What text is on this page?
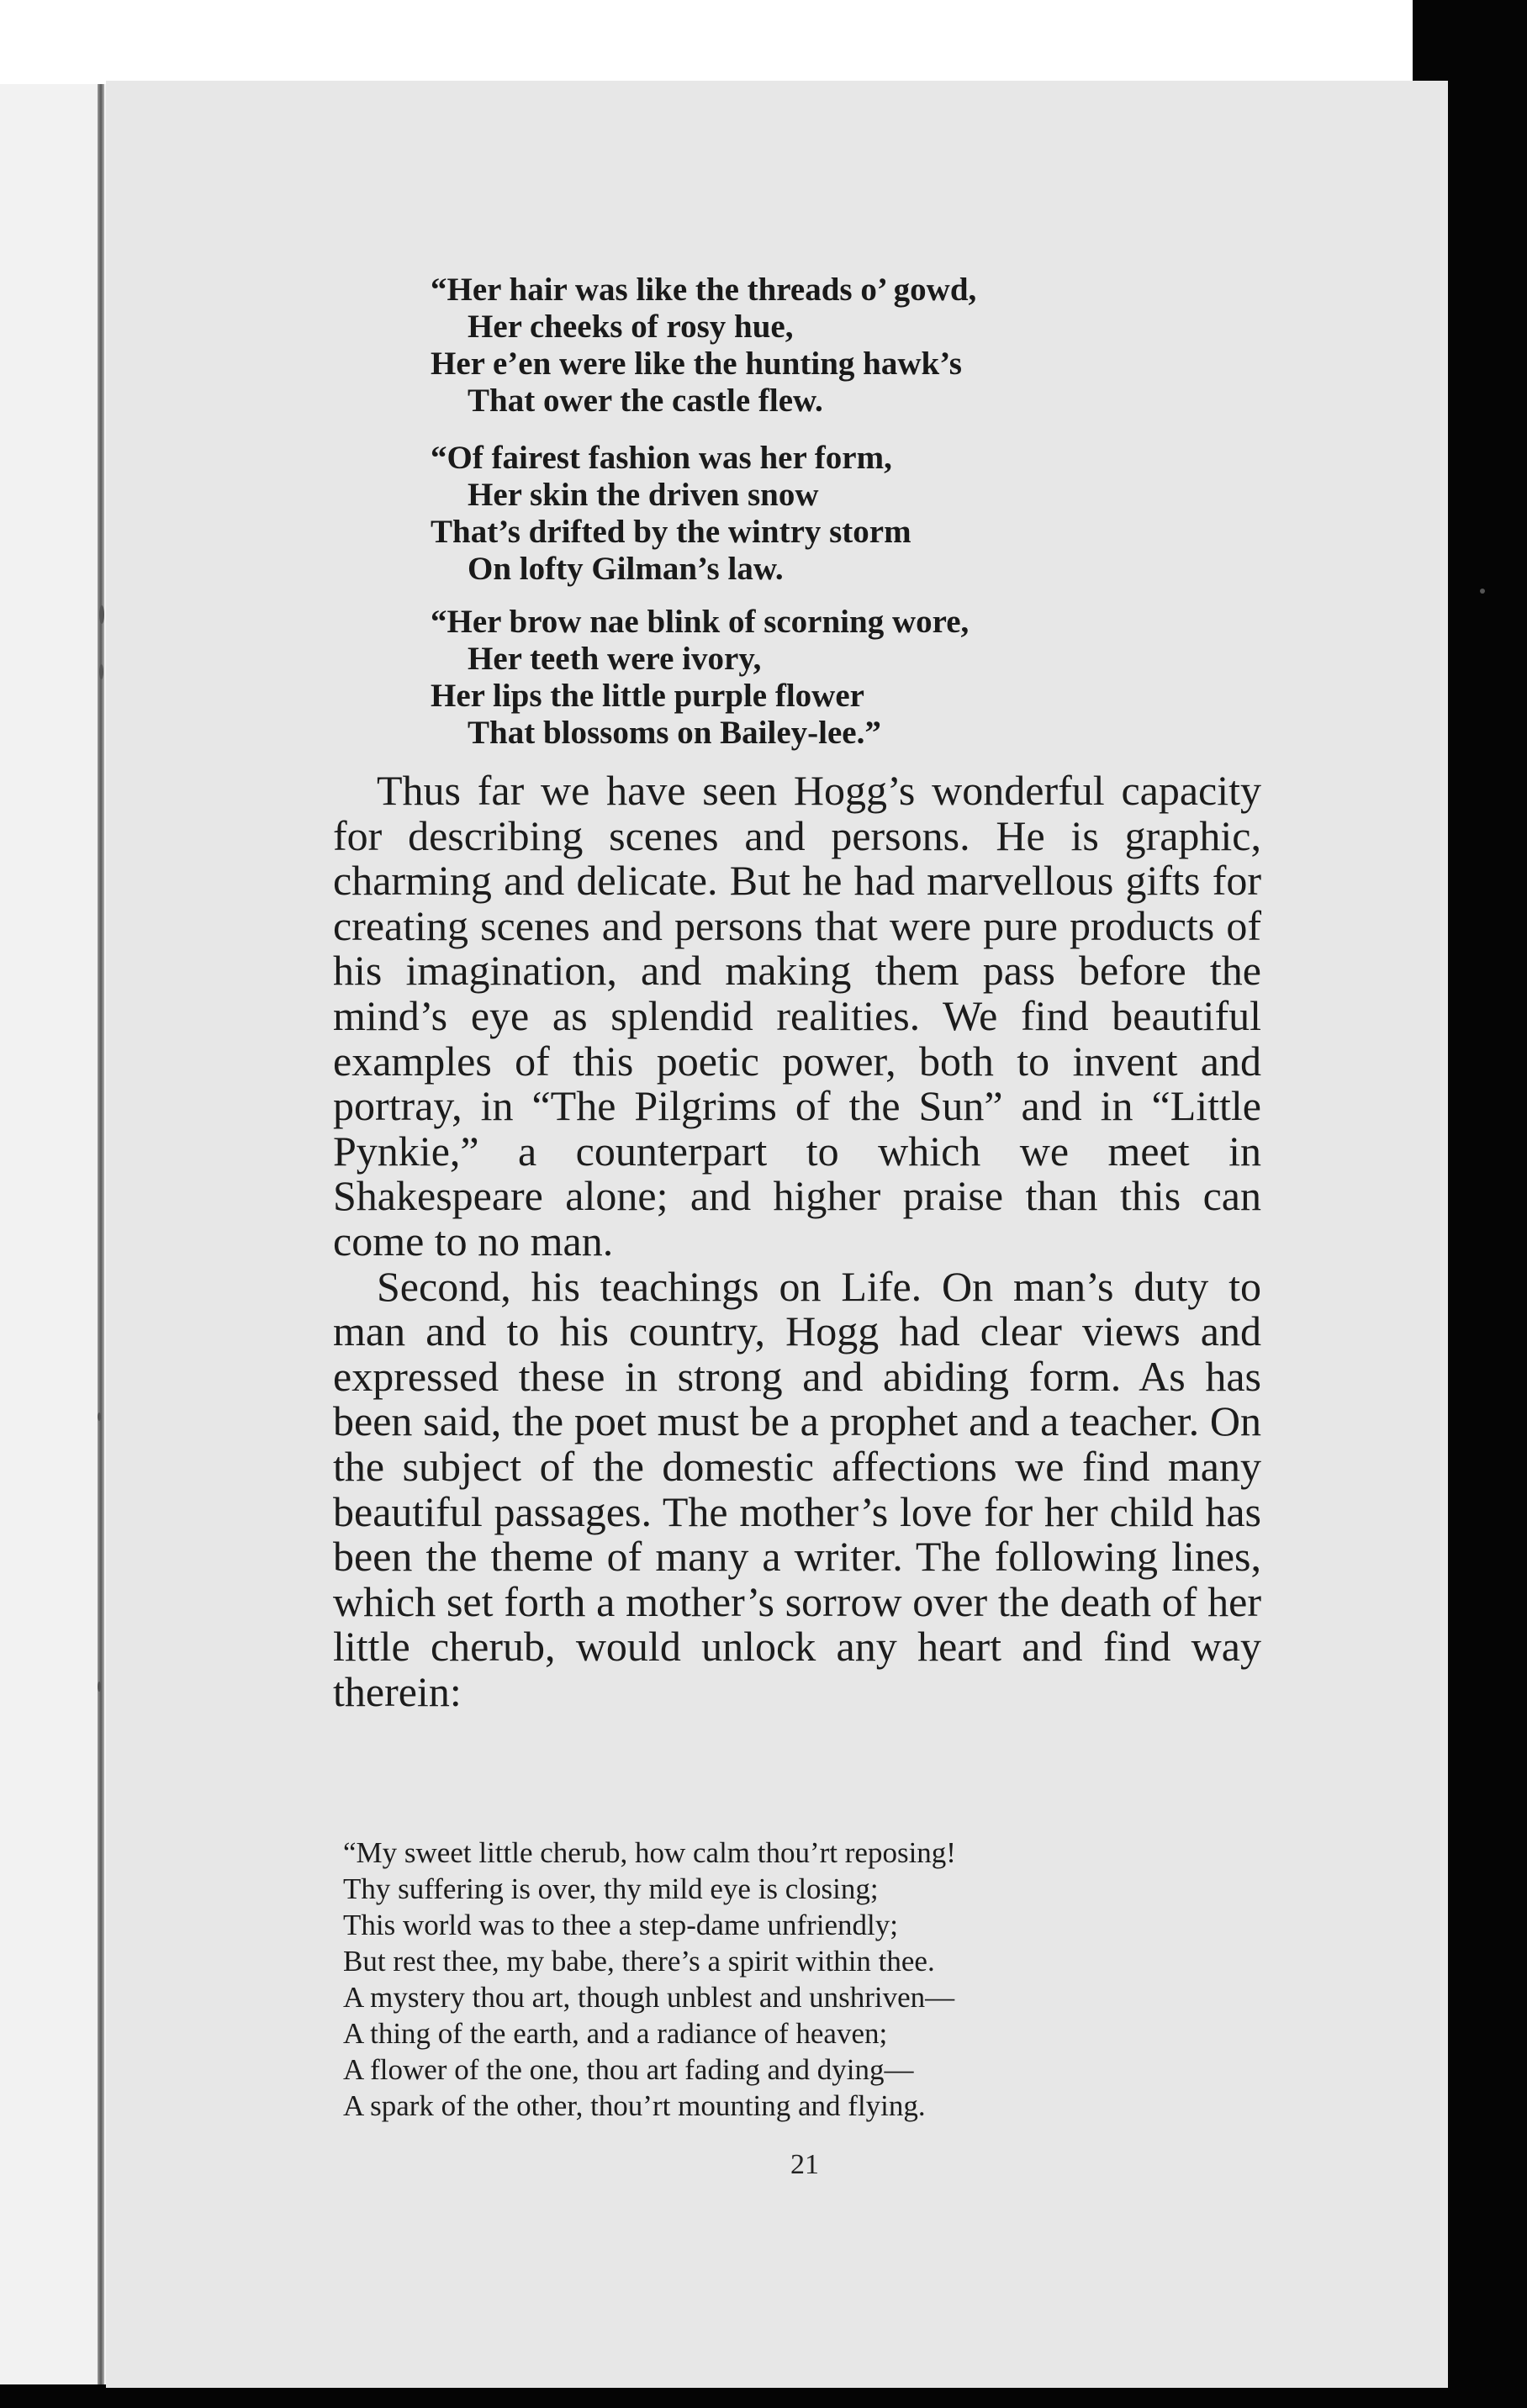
“Her hair was like the threads o’ gowd,
Her cheeks of rosy hue,
Her e’en were like the hunting hawk’s
That ower the castle flew.
“Of fairest fashion was her form,
Her skin the driven snow
That’s drifted by the wintry storm
On lofty Gilman’s law.
“Her brow nae blink of scorning wore,
Her teeth were ivory,
Her lips the little purple flower
That blossoms on Bailey-lee.”

Thus far we have seen Hogg’s wonderful capacity for describing scenes and persons. He is graphic, charming and delicate. But he had marvellous gifts for creating scenes and persons that were pure products of his imagination, and making them pass before the mind’s eye as splendid realities. We find beautiful examples of this poetic power, both to invent and portray, in “The Pilgrims of the Sun” and in “Little Pynkie,” a counterpart to which we meet in Shakespeare alone; and higher praise than this can come to no man.

Second, his teachings on Life. On man’s duty to man and to his country, Hogg had clear views and expressed these in strong and abiding form. As has been said, the poet must be a prophet and a teacher. On the subject of the domestic affections we find many beautiful passages. The mother’s love for her child has been the theme of many a writer. The following lines, which set forth a mother’s sorrow over the death of her little cherub, would unlock any heart and find way therein:

“My sweet little cherub, how calm thou’rt reposing!
Thy suffering is over, thy mild eye is closing;
This world was to thee a step-dame unfriendly;
But rest thee, my babe, there’s a spirit within thee.
A mystery thou art, though unblest and unshriven—
A thing of the earth, and a radiance of heaven;
A flower of the one, thou art fading and dying—
A spark of the other, thou’rt mounting and flying.
21
